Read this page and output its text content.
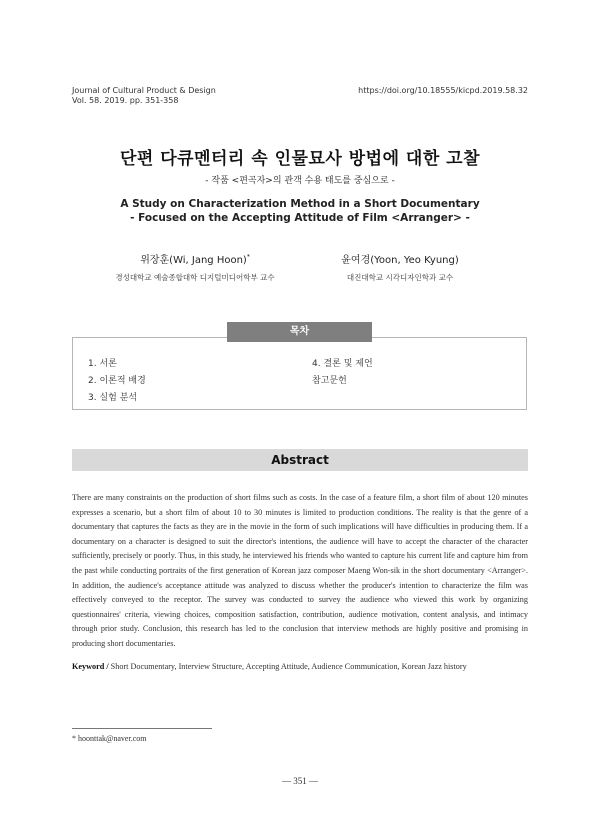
Journal of Cultural Product & Design
Vol. 58. 2019. pp. 351-358
https://doi.org/10.18555/kicpd.2019.58.32
단편 다큐멘터리 속 인물묘사 방법에 대한 고찰
- 작품 <편곡자>의 관객 수용 태도를 중심으로 -
A Study on Characterization Method in a Short Documentary
- Focused on the Accepting Attitude of Film <Arranger> -
위장훈(Wi, Jang Hoon)*
경성대학교 예술종합대학 디지털미디어학부 교수
윤여경(Yoon, Yeo Kyung)
대진대학교 시각디자인학과 교수
목차
1. 서론
2. 이론적 배경
3. 실험 분석
4. 결론 및 제언
참고문헌
Abstract
There are many constraints on the production of short films such as costs. In the case of a feature film, a short film of about 120 minutes expresses a scenario, but a short film of about 10 to 30 minutes is limited to production conditions. The reality is that the genre of a documentary that captures the facts as they are in the movie in the form of such implications will have difficulties in producing them. If a documentary on a character is designed to suit the director's intentions, the audience will have to accept the character of the character sufficiently, precisely or poorly. Thus, in this study, he interviewed his friends who wanted to capture his current life and capture him from the past while conducting portraits of the first generation of Korean jazz composer Maeng Won-sik in the short documentary <Arranger>. In addition, the audience's acceptance attitude was analyzed to discuss whether the producer's intention to characterize the film was effectively conveyed to the receptor. The survey was conducted to survey the audience who viewed this work by organizing questionnaires' criteria, viewing choices, composition satisfaction, contribution, audience motivation, content analysis, and intimacy through prior study. Conclusion, this research has led to the conclusion that interview methods are highly positive and promising in producing short documentaries.
Keyword / Short Documentary, Interview Structure, Accepting Attitude, Audience Communication, Korean Jazz history
* hoonttak@naver.com
— 351 —
